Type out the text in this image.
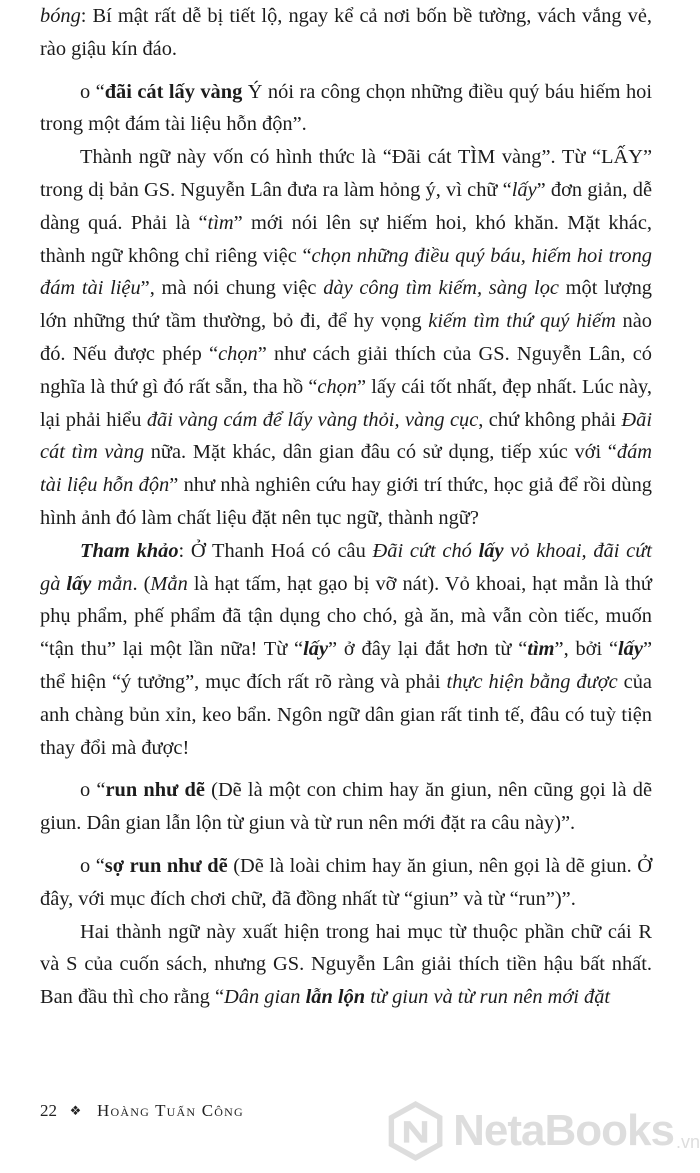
bóng: Bí mật rất dễ bị tiết lộ, ngay kể cả nơi bốn bề tường, vách vắng vẻ, rào giậu kín đáo.

o “đãi cát lấy vàng Ý nói ra công chọn những điều quý báu hiếm hoi trong một đám tài liệu hỗn độn”.

Thành ngữ này vốn có hình thức là “Đãi cát TÌM vàng”. Từ “LẤY” trong dị bản GS. Nguyễn Lân đưa ra làm hỏng ý, vì chữ “lấy” đơn giản, dễ dàng quá. Phải là “tìm” mới nói lên sự hiếm hoi, khó khăn. Mặt khác, thành ngữ không chỉ riêng việc “chọn những điều quý báu, hiếm hoi trong đám tài liệu”, mà nói chung việc dày công tìm kiếm, sàng lọc một lượng lớn những thứ tầm thường, bỏ đi, để hy vọng kiếm tìm thứ quý hiếm nào đó. Nếu được phép “chọn” như cách giải thích của GS. Nguyễn Lân, có nghĩa là thứ gì đó rất sẵn, tha hồ “chọn” lấy cái tốt nhất, đẹp nhất. Lúc này, lại phải hiểu đãi vàng cám để lấy vàng thỏi, vàng cục, chứ không phải Đãi cát tìm vàng nữa. Mặt khác, dân gian đâu có sử dụng, tiếp xúc với “đám tài liệu hỗn độn” như nhà nghiên cứu hay giới trí thức, học giả để rồi dùng hình ảnh đó làm chất liệu đặt nên tục ngữ, thành ngữ?

Tham khảo: Ở Thanh Hoá có câu Đãi cứt chó lấy vỏ khoai, đãi cứt gà lấy mẳn. (Mẳn là hạt tấm, hạt gạo bị vỡ nát). Vỏ khoai, hạt mẳn là thứ phụ phẩm, phế phẩm đã tận dụng cho chó, gà ăn, mà vẫn còn tiếc, muốn “tận thu” lại một lần nữa! Từ “lấy” ở đây lại đắt hơn từ “tìm”, bởi “lấy” thể hiện “ý tưởng”, mục đích rất rõ ràng và phải thực hiện bằng được của anh chàng bủn xỉn, keo bẩn. Ngôn ngữ dân gian rất tinh tế, đâu có tuỳ tiện thay đổi mà được!

o “run như dẽ (Dẽ là một con chim hay ăn giun, nên cũng gọi là dẽ giun. Dân gian lẫn lộn từ giun và từ run nên mới đặt ra câu này)”.

o “sợ run như dẽ (Dẽ là loài chim hay ăn giun, nên gọi là dẽ giun. Ở đây, với mục đích chơi chữ, đã đồng nhất từ “giun” và từ “run”)”.

Hai thành ngữ này xuất hiện trong hai mục từ thuộc phần chữ cái R và S của cuốn sách, nhưng GS. Nguyễn Lân giải thích tiền hậu bất nhất. Ban đầu thì cho rằng “Dân gian lẫn lộn từ giun và từ run nên mới đặt

22 ❖ Hoàng Tuấn Công	NetaBooks .vn
